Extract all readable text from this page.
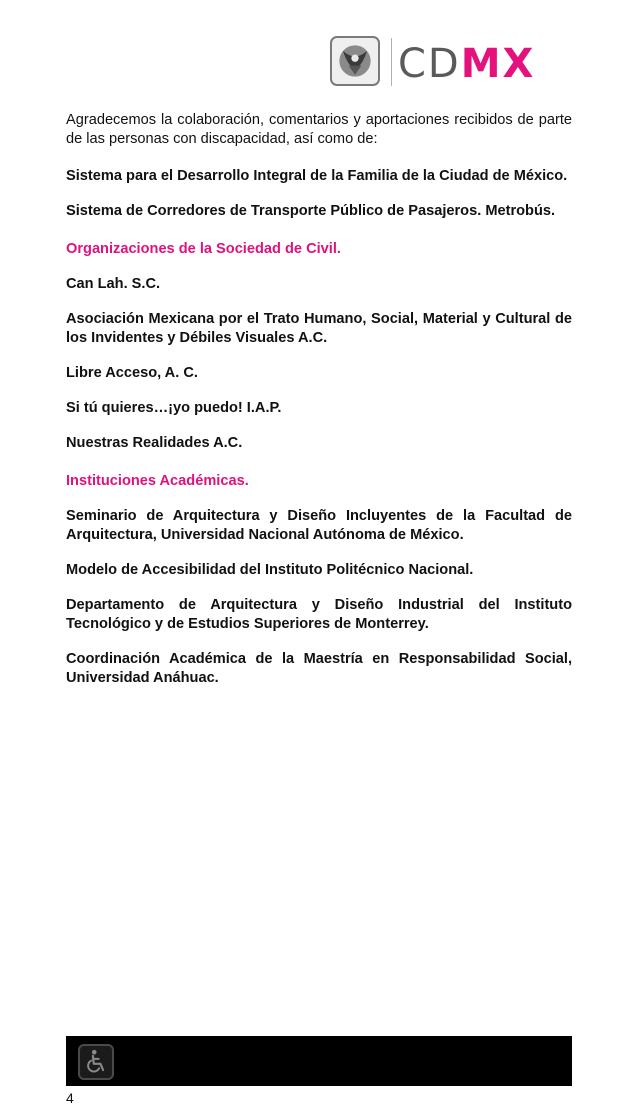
CDMX

Agradecemos la colaboración, comentarios y aportaciones recibidos de parte de las personas con discapacidad, así como de:

Sistema para el Desarrollo Integral de la Familia de la Ciudad de México.

Sistema de Corredores de Transporte Público de Pasajeros. Metrobús.

Organizaciones de la Sociedad de Civil.

Can Lah. S.C.

Asociación Mexicana por el Trato Humano, Social, Material y Cultural de los Invidentes y Débiles Visuales A.C.

Libre Acceso, A. C.

Si tú quieres…¡yo puedo! I.A.P.

Nuestras Realidades A.C.

Instituciones Académicas.

Seminario de Arquitectura y Diseño Incluyentes de la Facultad de Arquitectura, Universidad Nacional Autónoma de México.

Modelo de Accesibilidad del Instituto Politécnico Nacional.

Departamento de Arquitectura y Diseño Industrial del Instituto Tecnológico y de Estudios Superiores de Monterrey.

Coordinación Académica de la Maestría en Responsabilidad Social, Universidad Anáhuac.

4
